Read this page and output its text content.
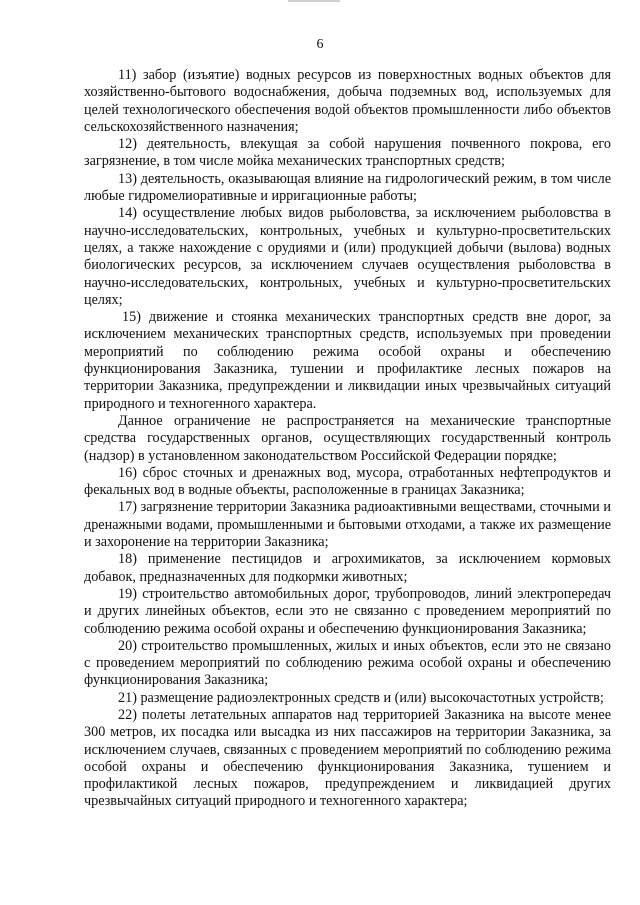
6

11) забор (изъятие) водных ресурсов из поверхностных водных объектов для хозяйственно-бытового водоснабжения, добыча подземных вод, используемых для целей технологического обеспечения водой объектов промышленности либо объектов сельскохозяйственного назначения;

12) деятельность, влекущая за собой нарушения почвенного покрова, его загрязнение, в том числе мойка механических транспортных средств;

13) деятельность, оказывающая влияние на гидрологический режим, в том числе любые гидромелиоративные и ирригационные работы;

14) осуществление любых видов рыболовства, за исключением рыболовства в научно-исследовательских, контрольных, учебных и культурно-просветительских целях, а также нахождение с орудиями и (или) продукцией добычи (вылова) водных биологических ресурсов, за исключением случаев осуществления рыболовства в научно-исследовательских, контрольных, учебных и культурно-просветительских целях;

15) движение и стоянка механических транспортных средств вне дорог, за исключением механических транспортных средств, используемых при проведении мероприятий по соблюдению режима особой охраны и обеспечению функционирования Заказника, тушении и профилактике лесных пожаров на территории Заказника, предупреждении и ликвидации иных чрезвычайных ситуаций природного и техногенного характера.

Данное ограничение не распространяется на механические транспортные средства государственных органов, осуществляющих государственный контроль (надзор) в установленном законодательством Российской Федерации порядке;

16) сброс сточных и дренажных вод, мусора, отработанных нефтепродуктов и фекальных вод в водные объекты, расположенные в границах Заказника;

17) загрязнение территории Заказника радиоактивными веществами, сточными и дренажными водами, промышленными и бытовыми отходами, а также их размещение и захоронение на территории Заказника;

18) применение пестицидов и агрохимикатов, за исключением кормовых добавок, предназначенных для подкормки животных;

19) строительство автомобильных дорог, трубопроводов, линий электропередач и других линейных объектов, если это не связанно с проведением мероприятий по соблюдению режима особой охраны и обеспечению функционирования Заказника;

20) строительство промышленных, жилых и иных объектов, если это не связано с проведением мероприятий по соблюдению режима особой охраны и обеспечению функционирования Заказника;

21) размещение радиоэлектронных средств и (или) высокочастотных устройств;

22) полеты летательных аппаратов над территорией Заказника на высоте менее 300 метров, их посадка или высадка из них пассажиров на территории Заказника, за исключением случаев, связанных с проведением мероприятий по соблюдению режима особой охраны и обеспечению функционирования Заказника, тушением и профилактикой лесных пожаров, предупреждением и ликвидацией других чрезвычайных ситуаций природного и техногенного характера;
